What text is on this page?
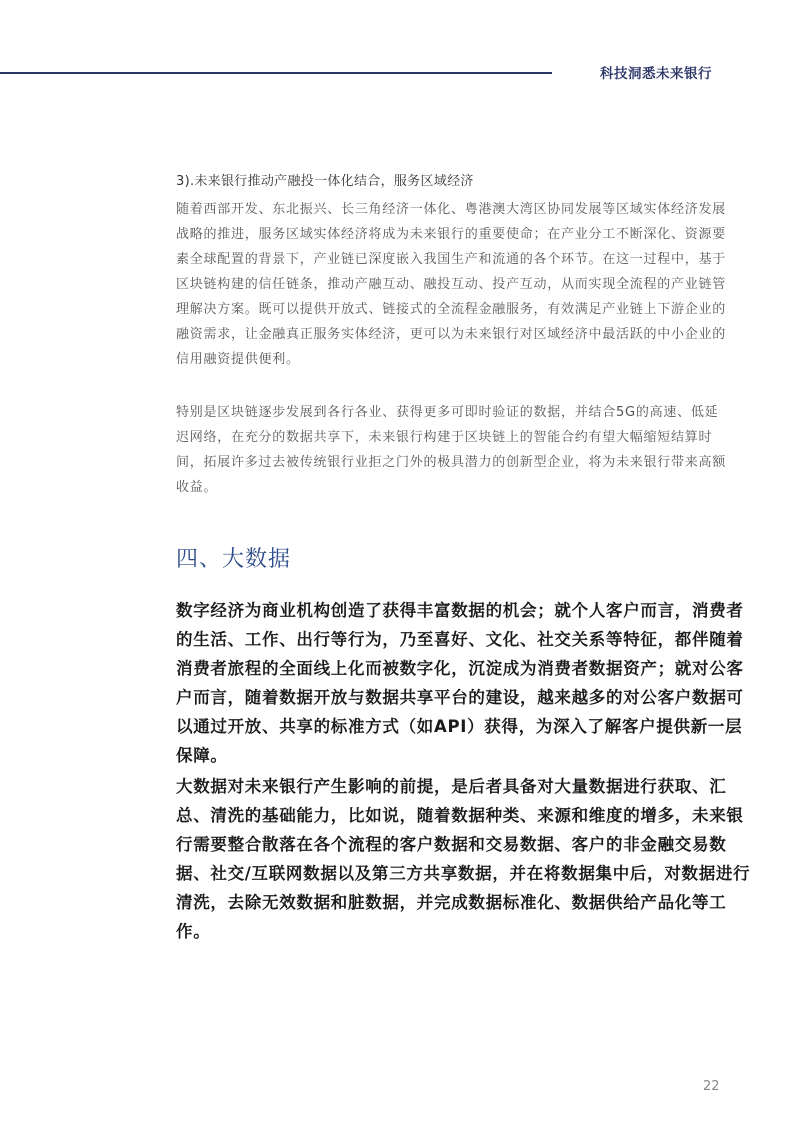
科技洞悉未来银行
3).未来银行推动产融投一体化结合，服务区域经济
随着西部开发、东北振兴、长三角经济一体化、粤港澳大湾区协同发展等区域实体经济发展
战略的推进，服务区域实体经济将成为未来银行的重要使命；在产业分工不断深化、资源要
素全球配置的背景下，产业链已深度嵌入我国生产和流通的各个环节。在这一过程中，基于
区块链构建的信任链条，推动产融互动、融投互动、投产互动，从而实现全流程的产业链管
理解决方案。既可以提供开放式、链接式的全流程金融服务，有效满足产业链上下游企业的
融资需求，让金融真正服务实体经济，更可以为未来银行对区域经济中最活跃的中小企业的
信用融资提供便利。
特别是区块链逐步发展到各行各业、获得更多可即时验证的数据，并结合5G的高速、低延
迟网络，在充分的数据共享下，未来银行构建于区块链上的智能合约有望大幅缩短结算时
间，拓展许多过去被传统银行业拒之门外的极具潜力的创新型企业，将为未来银行带来高额
收益。
四、大数据
数字经济为商业机构创造了获得丰富数据的机会；就个人客户而言，消费者
的生活、工作、出行等行为，乃至喜好、文化、社交关系等特征，都伴随着
消费者旅程的全面线上化而被数字化，沉淀成为消费者数据资产；就对公客
户而言，随着数据开放与数据共享平台的建设，越来越多的对公客户数据可
以通过开放、共享的标准方式（如API）获得，为深入了解客户提供新一层
保障。
大数据对未来银行产生影响的前提，是后者具备对大量数据进行获取、汇
总、清洗的基础能力，比如说，随着数据种类、来源和维度的增多，未来银
行需要整合散落在各个流程的客户数据和交易数据、客户的非金融交易数
据、社交/互联网数据以及第三方共享数据，并在将数据集中后，对数据进行
清洗，去除无效数据和脏数据，并完成数据标准化、数据供给产品化等工
作。
22
